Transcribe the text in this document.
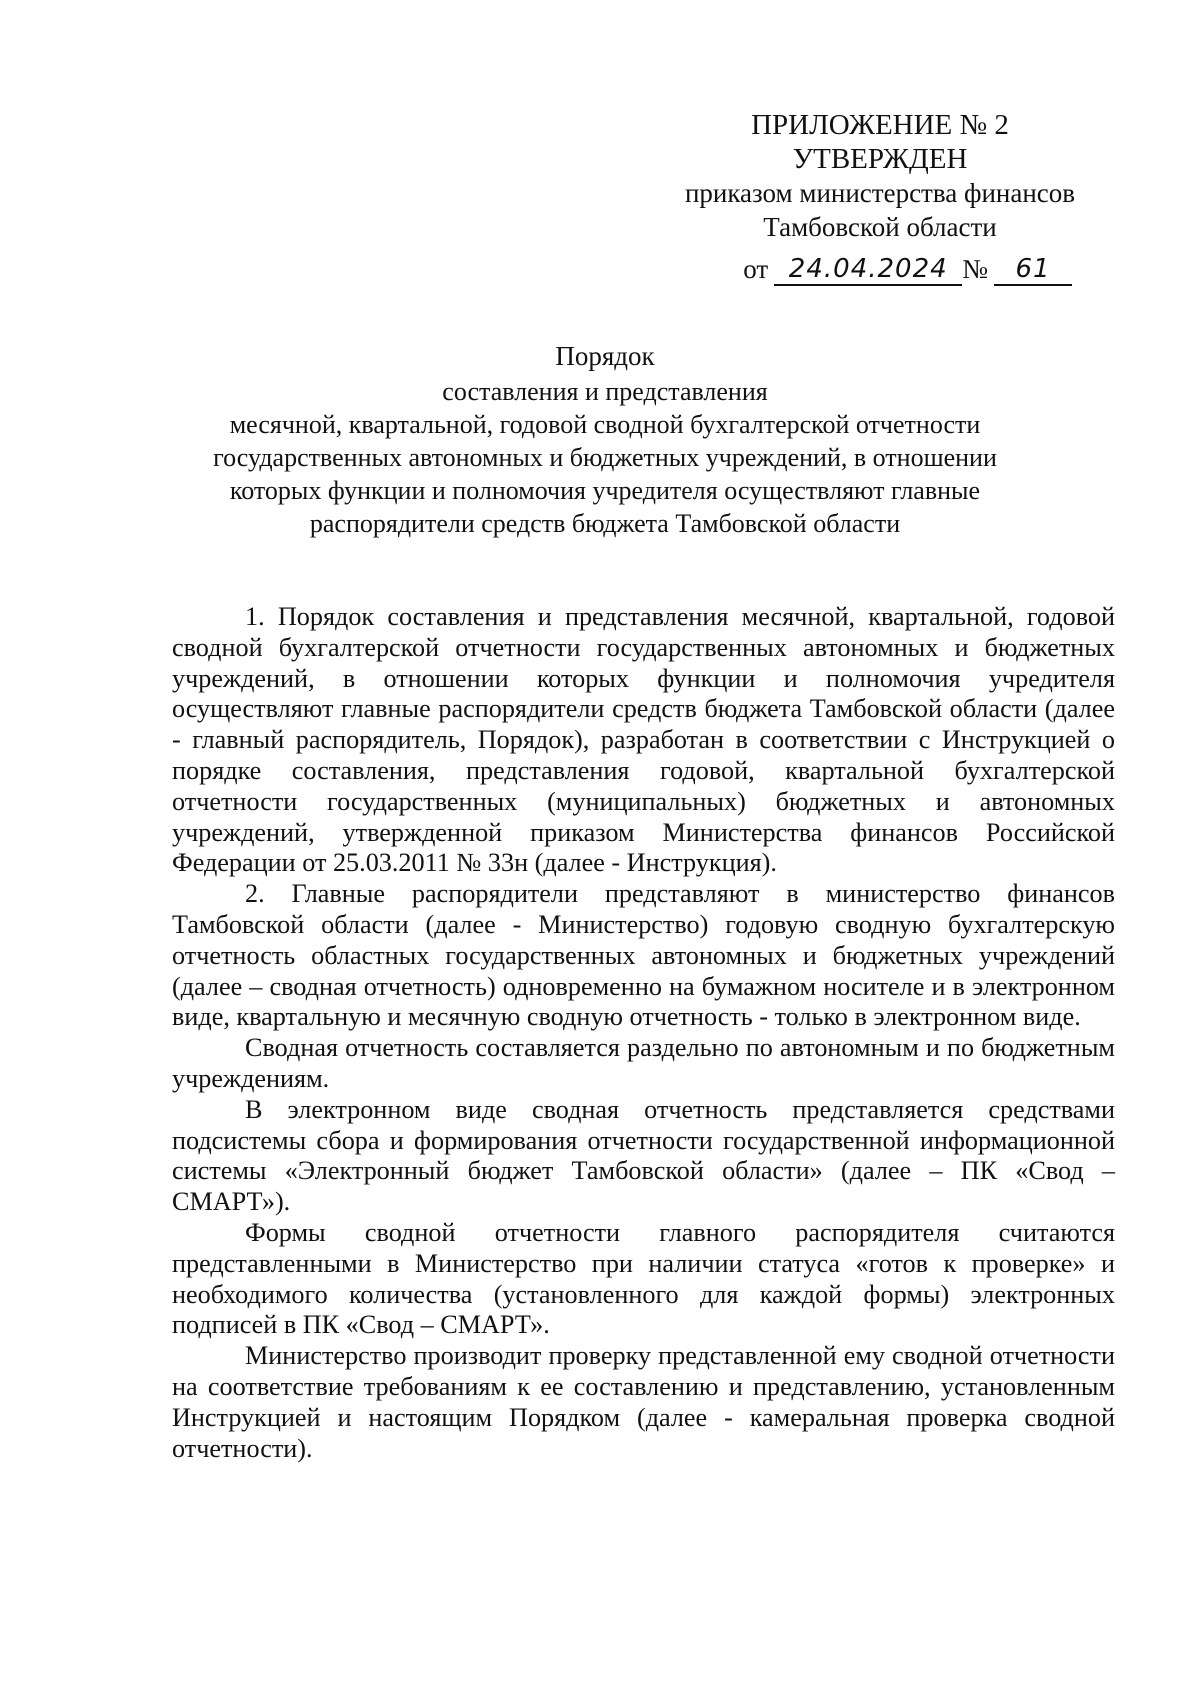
ПРИЛОЖЕНИЕ № 2
УТВЕРЖДЕН
приказом министерства финансов
Тамбовской области
от 24.04.2024 №	61
Порядок
составления и представления
месячной, квартальной, годовой сводной бухгалтерской отчетности
государственных автономных и бюджетных учреждений, в отношении
которых функции и полномочия учредителя осуществляют главные
распорядители средств бюджета Тамбовской области

1. Порядок составления и представления месячной, квартальной, годовой сводной бухгалтерской отчетности государственных автономных и бюджетных учреждений, в отношении которых функции и полномочия учредителя осуществляют главные распорядители средств бюджета Тамбовской области (далее - главный распорядитель, Порядок), разработан в соответствии с Инструкцией о порядке составления, представления годовой, квартальной бухгалтерской отчетности государственных (муниципальных) бюджетных и автономных учреждений, утвержденной приказом Министерства финансов Российской Федерации от 25.03.2011 № 33н (далее - Инструкция).

2. Главные распорядители представляют в министерство финансов Тамбовской области (далее - Министерство) годовую сводную бухгалтерскую отчетность областных государственных автономных и бюджетных учреждений (далее – сводная отчетность) одновременно на бумажном носителе и в электронном виде, квартальную и месячную сводную отчетность - только в электронном виде.

Сводная отчетность составляется раздельно по автономным и по бюджетным учреждениям.

В электронном виде сводная отчетность представляется средствами подсистемы сбора и формирования отчетности государственной информационной системы «Электронный бюджет Тамбовской области» (далее – ПК «Свод – СМАРТ»).

Формы сводной отчетности главного распорядителя считаются представленными в Министерство при наличии статуса «готов к проверке» и необходимого количества (установленного для каждой формы) электронных подписей в ПК «Свод – СМАРТ».

Министерство производит проверку представленной ему сводной отчетности на соответствие требованиям к ее составлению и представлению, установленным Инструкцией и настоящим Порядком (далее - камеральная проверка сводной отчетности).
